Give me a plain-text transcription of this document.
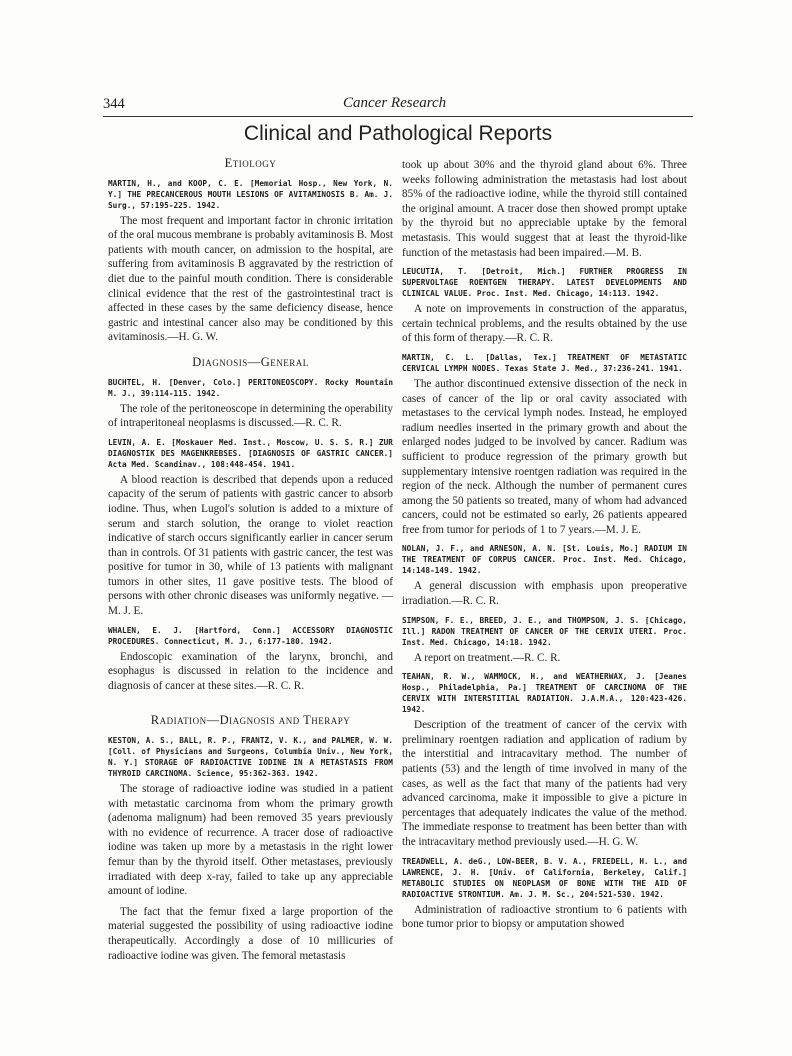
344	Cancer Research
Clinical and Pathological Reports
Etiology
MARTIN, H., and KOOP, C. E. [Memorial Hosp., New York, N. Y.] THE PRECANCEROUS MOUTH LESIONS OF AVITAMINOSIS B. Am. J. Surg., 57:195-225. 1942.

The most frequent and important factor in chronic irritation of the oral mucous membrane is probably avitaminosis B. Most patients with mouth cancer, on admission to the hospital, are suffering from avitaminosis B aggravated by the restriction of diet due to the painful mouth condition. There is considerable clinical evidence that the rest of the gastrointestinal tract is affected in these cases by the same deficiency disease, hence gastric and intestinal cancer also may be conditioned by this avitaminosis.—H. G. W.

Diagnosis—General
BUCHTEL, H. [Denver, Colo.] PERITONEOSCOPY. Rocky Mountain M. J., 39:114-115. 1942.

The role of the peritoneoscope in determining the operability of intraperitoneal neoplasms is discussed.—R. C. R.

LEVIN, A. E. [Moskauer Med. Inst., Moscow, U. S. S. R.] ZUR DIAGNOSTIK DES MAGENKREBSES. [DIAGNOSIS OF GASTRIC CANCER.] Acta Med. Scandinav., 108:448-454. 1941.

A blood reaction is described that depends upon a reduced capacity of the serum of patients with gastric cancer to absorb iodine. Thus, when Lugol's solution is added to a mixture of serum and starch solution, the orange to violet reaction indicative of starch occurs significantly earlier in cancer serum than in controls. Of 31 patients with gastric cancer, the test was positive for tumor in 30, while of 13 patients with malignant tumors in other sites, 11 gave positive tests. The blood of persons with other chronic diseases was uniformly negative. —M. J. E.

WHALEN, E. J. [Hartford, Conn.] ACCESSORY DIAGNOSTIC PROCEDURES. Connecticut, M. J., 6:177-180. 1942.

Endoscopic examination of the larynx, bronchi, and esophagus is discussed in relation to the incidence and diagnosis of cancer at these sites.—R. C. R.

Radiation—Diagnosis and Therapy
KESTON, A. S., BALL, R. P., FRANTZ, V. K., and PALMER, W. W. [Coll. of Physicians and Surgeons, Columbia Univ., New York, N. Y.] STORAGE OF RADIOACTIVE IODINE IN A METASTASIS FROM THYROID CARCINOMA. Science, 95:362-363. 1942.

The storage of radioactive iodine was studied in a patient with metastatic carcinoma from whom the primary growth (adenoma malignum) had been removed 35 years previously with no evidence of recurrence. A tracer dose of radioactive iodine was taken up more by a metastasis in the right lower femur than by the thyroid itself. Other metastases, previously irradiated with deep x-ray, failed to take up any appreciable amount of iodine.

The fact that the femur fixed a large proportion of the material suggested the possibility of using radioactive iodine therapeutically. Accordingly a dose of 10 millicuries of radioactive iodine was given. The femoral metastasis

took up about 30% and the thyroid gland about 6%. Three weeks following administration the metastasis had lost about 85% of the radioactive iodine, while the thyroid still contained the original amount. A tracer dose then showed prompt uptake by the thyroid but no appreciable uptake by the femoral metastasis. This would suggest that at least the thyroid-like function of the metastasis had been impaired.—M. B.

LEUCUTIA, T. [Detroit, Mich.] FURTHER PROGRESS IN SUPERVOLTAGE ROENTGEN THERAPY. LATEST DEVELOPMENTS AND CLINICAL VALUE. Proc. Inst. Med. Chicago, 14:113. 1942.

A note on improvements in construction of the apparatus, certain technical problems, and the results obtained by the use of this form of therapy.—R. C. R.

MARTIN, C. L. [Dallas, Tex.] TREATMENT OF METASTATIC CERVICAL LYMPH NODES. Texas State J. Med., 37:236-241. 1941.

The author discontinued extensive dissection of the neck in cases of cancer of the lip or oral cavity associated with metastases to the cervical lymph nodes. Instead, he employed radium needles inserted in the primary growth and about the enlarged nodes judged to be involved by cancer. Radium was sufficient to produce regression of the primary growth but supplementary intensive roentgen radiation was required in the region of the neck. Although the number of permanent cures among the 50 patients so treated, many of whom had advanced cancers, could not be estimated so early, 26 patients appeared free from tumor for periods of 1 to 7 years.—M. J. E.

NOLAN, J. F., and ARNESON, A. N. [St. Louis, Mo.] RADIUM IN THE TREATMENT OF CORPUS CANCER. Proc. Inst. Med. Chicago, 14:148-149. 1942.

A general discussion with emphasis upon preoperative irradiation.—R. C. R.

SIMPSON, F. E., BREED, J. E., and THOMPSON, J. S. [Chicago, Ill.] RADON TREATMENT OF CANCER OF THE CERVIX UTERI. Proc. Inst. Med. Chicago, 14:18. 1942.

A report on treatment.—R. C. R.

TEAHAN, R. W., WAMMOCK, H., and WEATHERWAX, J. [Jeanes Hosp., Philadelphia, Pa.] TREATMENT OF CARCINOMA OF THE CERVIX WITH INTERSTITIAL RADIATION. J.A.M.A., 120:423-426. 1942.

Description of the treatment of cancer of the cervix with preliminary roentgen radiation and application of radium by the interstitial and intracavitary method. The number of patients (53) and the length of time involved in many of the cases, as well as the fact that many of the patients had very advanced carcinoma, make it impossible to give a picture in percentages that adequately indicates the value of the method. The immediate response to treatment has been better than with the intracavitary method previously used.—H. G. W.

TREADWELL, A. deG., LOW-BEER, B. V. A., FRIEDELL, H. L., and LAWRENCE, J. H. [Univ. of California, Berkeley, Calif.] METABOLIC STUDIES ON NEOPLASM OF BONE WITH THE AID OF RADIOACTIVE STRONTIUM. Am. J. M. Sc., 204:521-530. 1942.

Administration of radioactive strontium to 6 patients with bone tumor prior to biopsy or amputation showed
